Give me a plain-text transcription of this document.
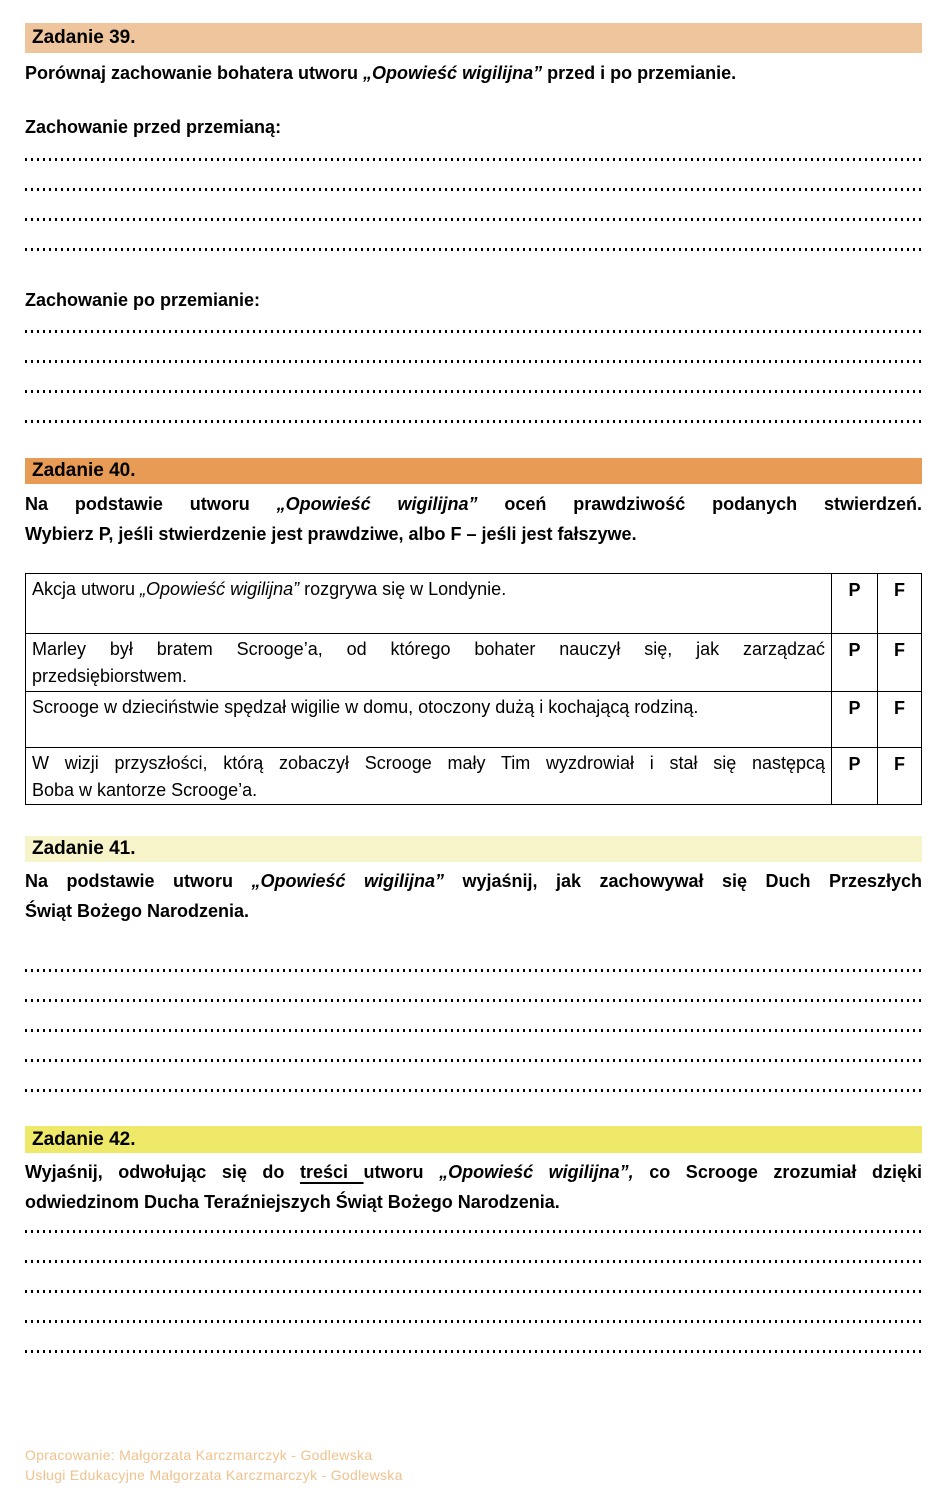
Zadanie 39.

Porównaj zachowanie bohatera utworu „Opowieść wigilijna” przed i po przemianie.

Zachowanie przed przemianą:

Zachowanie po przemianie:

Zadanie 40.
Na podstawie utworu „Opowieść wigilijna” oceń prawdziwość podanych stwierdzeń.
Wybierz P, jeśli stwierdzenie jest prawdziwe, albo F – jeśli jest fałszywe.
Akcja utworu „Opowieść wigilijna” rozgrywa się w Londynie.	P	F

Marley był bratem Scrooge’a, od którego bohater nauczył się, jak zarządzać
przedsiębiorstwem.	P	F

Scrooge w dzieciństwie spędzał wigilie w domu, otoczony dużą i kochającą rodziną.	P	F

W wizji przyszłości, którą zobaczył Scrooge mały Tim wyzdrowiał i stał się następcą
Boba w kantorze Scrooge’a.	P	F
Zadanie 41.
Na podstawie utworu „Opowieść wigilijna” wyjaśnij, jak zachowywał się Duch Przeszłych
Świąt Bożego Narodzenia.
Zadanie 42.
Wyjaśnij, odwołując się do treści utworu „Opowieść wigilijna”, co Scrooge zrozumiał dzięki
odwiedzinom Ducha Teraźniejszych Świąt Bożego Narodzenia.

Opracowanie: Małgorzata Karczmarczyk - Godlewska

Usługi Edukacyjne Małgorzata Karczmarczyk - Godlewska
